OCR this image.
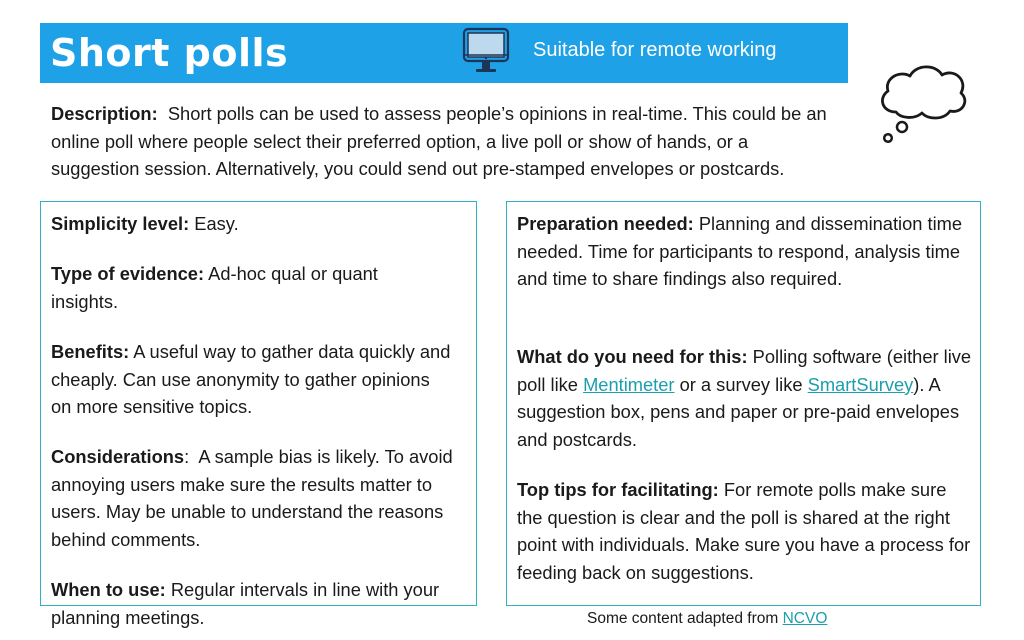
Short polls	Suitable for remote working

Description: Short polls can be used to assess people’s opinions in real-time. This could be an online poll where people select their preferred option, a live poll or show of hands, or a suggestion session. Alternatively, you could send out pre-stamped envelopes or postcards.

Simplicity level: Easy.

Type of evidence: Ad-hoc qual or quant insights.

Benefits: A useful way to gather data quickly and cheaply. Can use anonymity to gather opinions on more sensitive topics.

Considerations:  A sample bias is likely. To avoid annoying users make sure the results matter to users. May be unable to understand the reasons behind comments.

When to use: Regular intervals in line with your planning meetings.

Preparation needed: Planning and dissemination time needed. Time for participants to respond, analysis time and time to share findings also required.

What do you need for this: Polling software (either live poll like Mentimeter or a survey like SmartSurvey). A suggestion box, pens and paper or pre-paid envelopes and postcards.

Top tips for facilitating: For remote polls make sure the question is clear and the poll is shared at the right point with individuals. Make sure you have a process for feeding back on suggestions.

Some content adapted from NCVO
